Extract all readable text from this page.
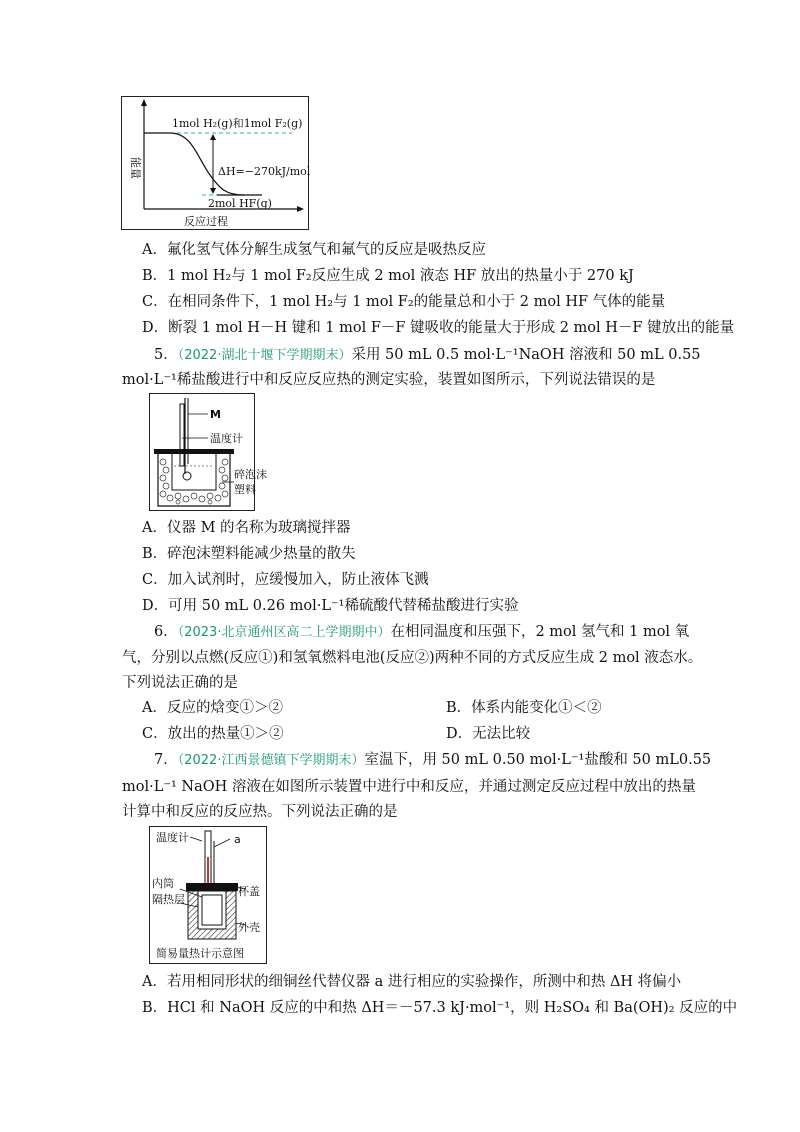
1mol H₂(g)和1mol F₂(g)
ΔH=−270kJ/mol
2mol HF(g)
能量
反应过程
A．氟化氢气体分解生成氢气和氟气的反应是吸热反应
B．1 mol H₂与 1 mol F₂反应生成 2 mol 液态 HF 放出的热量小于 270 kJ
C．在相同条件下，1 mol H₂与 1 mol F₂的能量总和小于 2 mol HF 气体的能量
D．断裂 1 mol H－H 键和 1 mol F－F 键吸收的能量大于形成 2 mol H－F 键放出的能量
5．（2022·湖北十堰下学期期末）采用 50 mL 0.5 mol·L⁻¹NaOH 溶液和 50 mL 0.55
mol·L⁻¹稀盐酸进行中和反应反应热的测定实验，装置如图所示，下列说法错误的是
M
温度计
碎泡沫
塑料
A．仪器 M 的名称为玻璃搅拌器
B．碎泡沫塑料能减少热量的散失
C．加入试剂时，应缓慢加入，防止液体飞溅
D．可用 50 mL 0.26 mol·L⁻¹稀硫酸代替稀盐酸进行实验
6．（2023·北京通州区高二上学期期中）在相同温度和压强下，2 mol 氢气和 1 mol 氧
气，分别以点燃(反应①)和氢氧燃料电池(反应②)两种不同的方式反应生成 2 mol 液态水。
下列说法正确的是
A．反应的焓变①＞②	B．体系内能变化①＜②
C．放出的热量①＞②	D．无法比较
7．（2022·江西景德镇下学期期末）室温下，用 50 mL 0.50 mol·L⁻¹盐酸和 50 mL0.55
mol·L⁻¹ NaOH 溶液在如图所示装置中进行中和反应，并通过测定反应过程中放出的热量
计算中和反应的反应热。下列说法正确的是
温度计	a
内筒
隔热层
杯盖
外壳
简易量热计示意图
A．若用相同形状的细铜丝代替仪器 a 进行相应的实验操作，所测中和热 ΔH 将偏小
B．HCl 和 NaOH 反应的中和热 ΔH＝－57.3 kJ·mol⁻¹，则 H₂SO₄ 和 Ba(OH)₂ 反应的中
